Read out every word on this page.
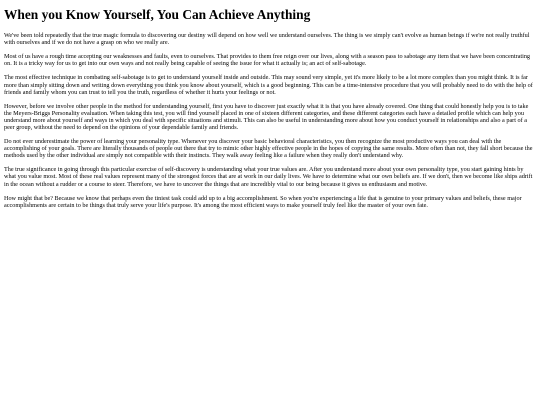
When you Know Yourself, You Can Achieve Anything

We've been told repeatedly that the true magic formula to discovering our destiny will depend on how well we understand ourselves. The thing is we simply can't evolve as human beings if we're not really truthful with ourselves and if we do not have a grasp on who we really are.

Most of us have a rough time accepting our weaknesses and faults, even to ourselves. That provides to them free reign over our lives, along with a season pass to sabotage any item that we have been concentrating on. It is a tricky way for us to get into our own ways and not really being capable of seeing the issue for what it actually is; an act of self-sabotage.

The most effective technique in combating self-sabotage is to get to understand yourself inside and outside. This may sound very simple, yet it's more likely to be a lot more complex than you might think. It is far more than simply sitting down and writing down everything you think you know about yourself, which is a good beginning. This can be a time-intensive procedure that you will probably need to do with the help of friends and family whom you can trust to tell you the truth, regardless of whether it hurts your feelings or not.

However, before we involve other people in the method for understanding yourself, first you have to discover just exactly what it is that you have already covered. One thing that could honestly help you is to take the Meyers-Briggs Personality evaluation. When taking this test, you will find yourself placed in one of sixteen different categories, and these different categories each have a detailed profile which can help you understand more about yourself and ways in which you deal with specific situations and stimuli. This can also be useful in understanding more about how you conduct yourself in relationships and also a part of a peer group, without the need to depend on the opinions of your dependable family and friends.

Do not ever underestimate the power of learning your personality type. Whenever you discover your basic behavioral characteristics, you then recognize the most productive ways you can deal with the accomplishing of your goals. There are literally thousands of people out there that try to mimic other highly effective people in the hopes of copying the same results. More often than not, they fall short because the methods used by the other individual are simply not compatible with their instincts. They walk away feeling like a failure when they really don't understand why.

The true significance in going through this particular exercise of self-discovery is understanding what your true values are. After you understand more about your own personality type, you start gaining hints by what you value most. Most of these real values represent many of the strongest forces that are at work in our daily lives. We have to determine what our own beliefs are. If we don't, then we become like ships adrift in the ocean without a rudder or a course to steer. Therefore, we have to uncover the things that are incredibly vital to our being because it gives us enthusiasm and motive.

How might that be? Because we know that perhaps even the tiniest task could add up to a big accomplishment. So when you're experiencing a life that is genuine to your primary values and beliefs, these major accomplishments are certain to be things that truly serve your life's purpose. It's among the most efficient ways to make yourself truly feel like the master of your own fate.
